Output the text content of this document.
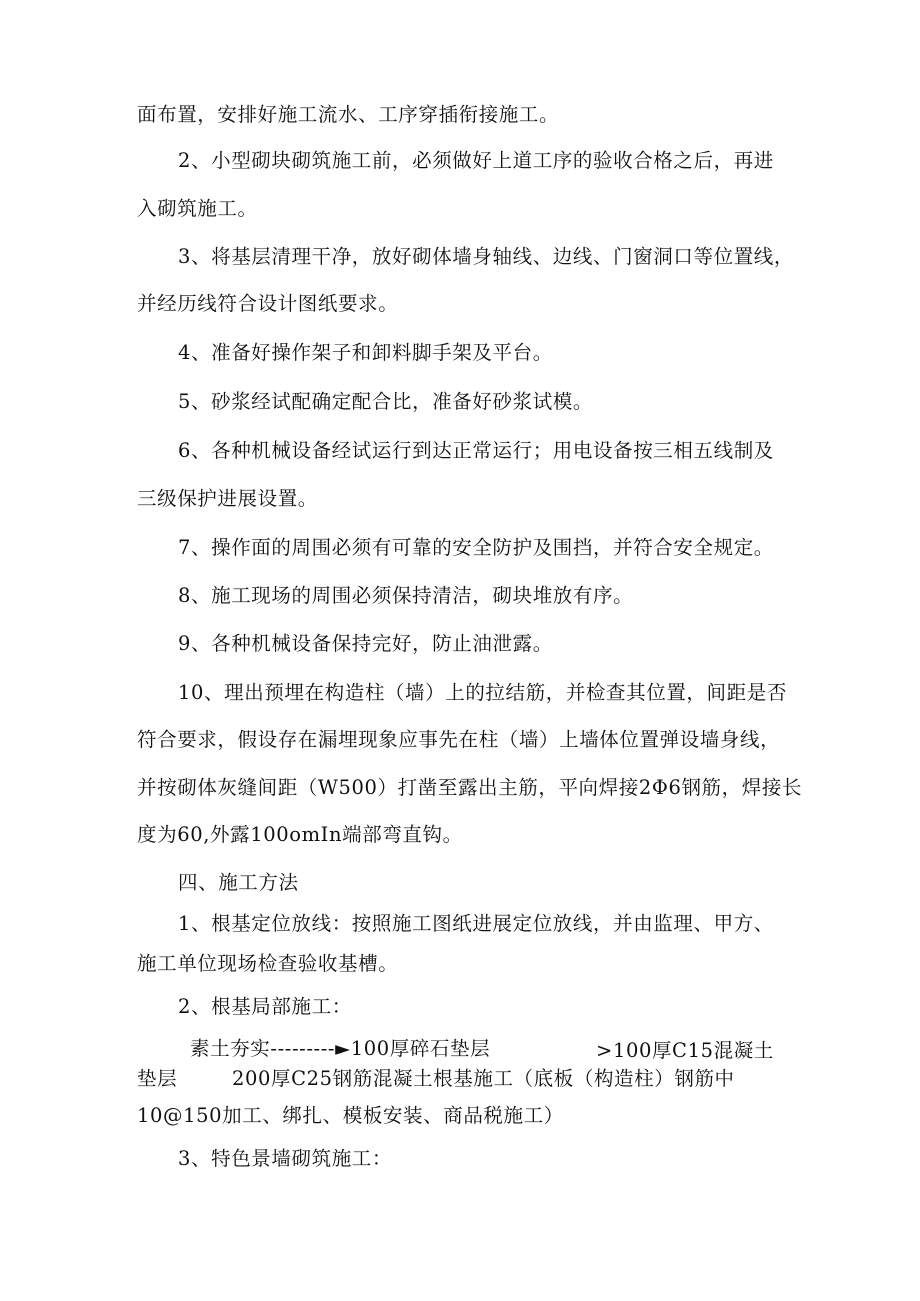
面布置，安排好施工流水、工序穿插衔接施工。
2、小型砌块砌筑施工前，必须做好上道工序的验收合格之后，再进
入砌筑施工。
3、将基层清理干净，放好砌体墙身轴线、边线、门窗洞口等位置线，
并经历线符合设计图纸要求。
4、准备好操作架子和卸料脚手架及平台。
5、砂浆经试配确定配合比，准备好砂浆试模。
6、各种机械设备经试运行到达正常运行；用电设备按三相五线制及
三级保护进展设置。
7、操作面的周围必须有可靠的安全防护及围挡，并符合安全规定。
8、施工现场的周围必须保持清洁，砌块堆放有序。
9、各种机械设备保持完好，防止油泄露。
10、理出预埋在构造柱（墙）上的拉结筋，并检查其位置，间距是否
符合要求，假设存在漏埋现象应事先在柱（墙）上墙体位置弹设墙身线，
并按砌体灰缝间距（W500）打凿至露出主筋，平向焊接2Φ6钢筋，焊接长
度为60,外露100omIn端部弯直钩。
四、施工方法
1、根基定位放线：按照施工图纸进展定位放线，并由监理、甲方、
施工单位现场检查验收基槽。
2、根基局部施工：
素土夯实---------►100厚碎石垫层	>100厚C15混凝土
垫层	200厚C25钢筋混凝土根基施工（底板（构造柱）钢筋中
10@150加工、绑扎、模板安装、商品税施工）
3、特色景墙砌筑施工：
